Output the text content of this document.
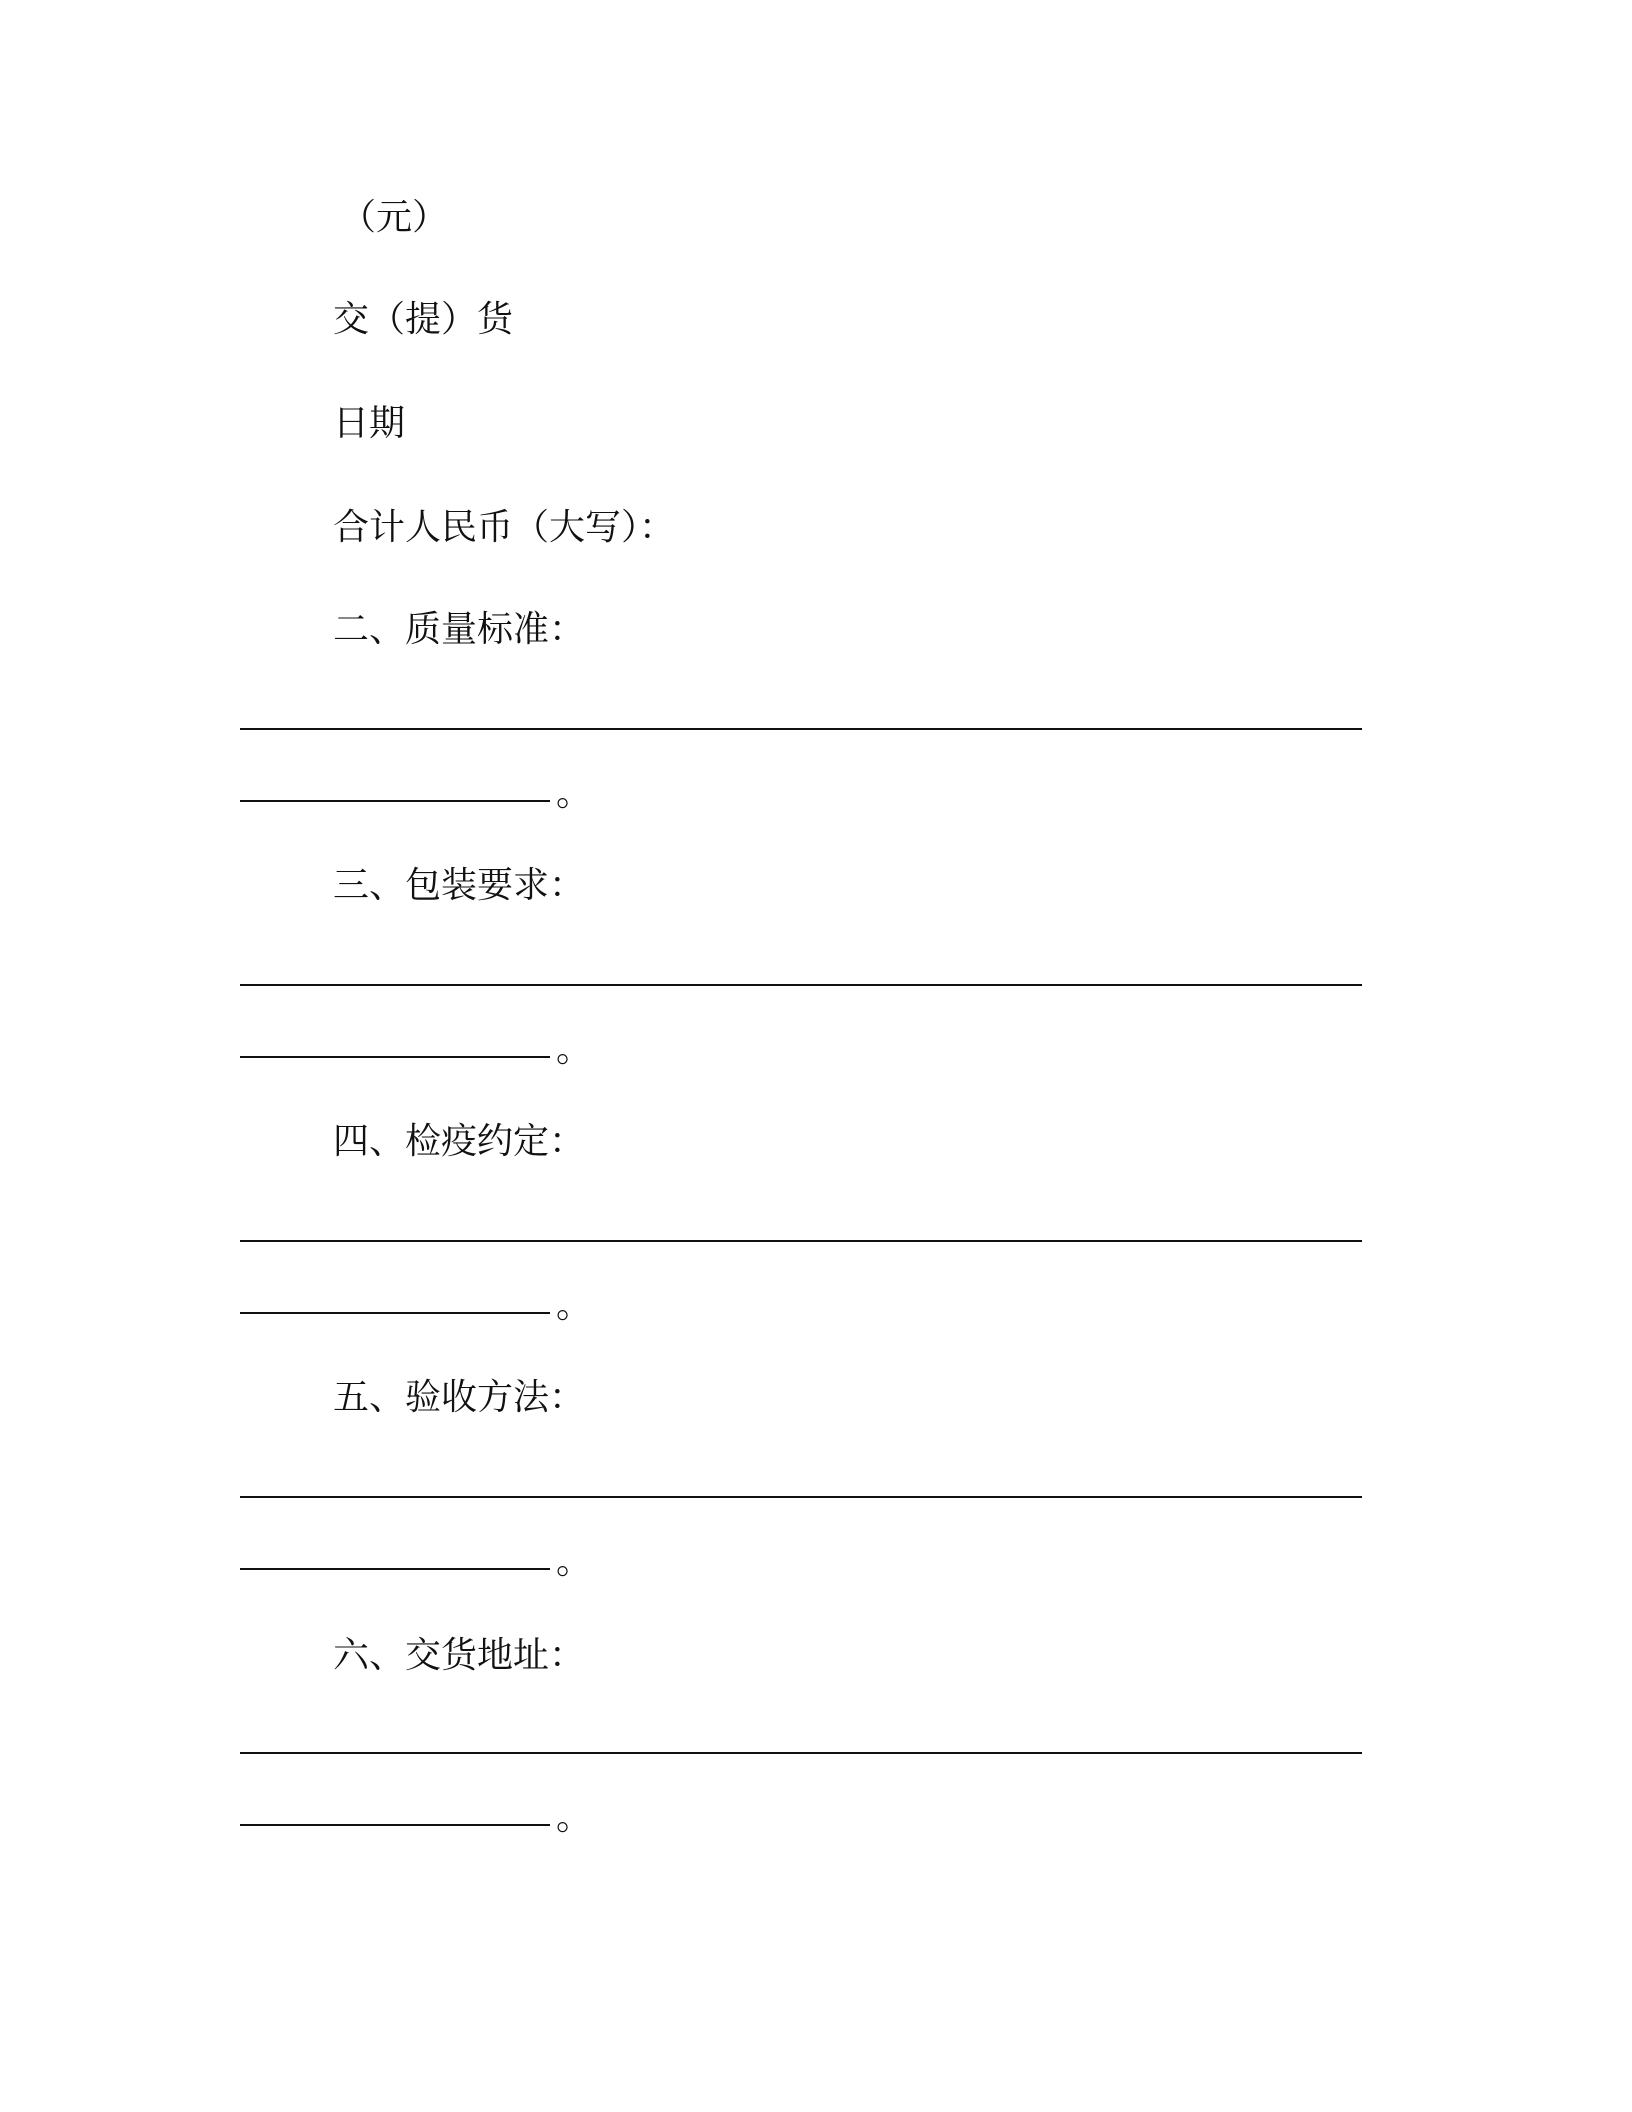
（元）
交（提）货
日期
合计人民币（大写）：
二、质量标准：
。
三、包装要求：
。
四、检疫约定：
。
五、验收方法：
。
六、交货地址：
。
